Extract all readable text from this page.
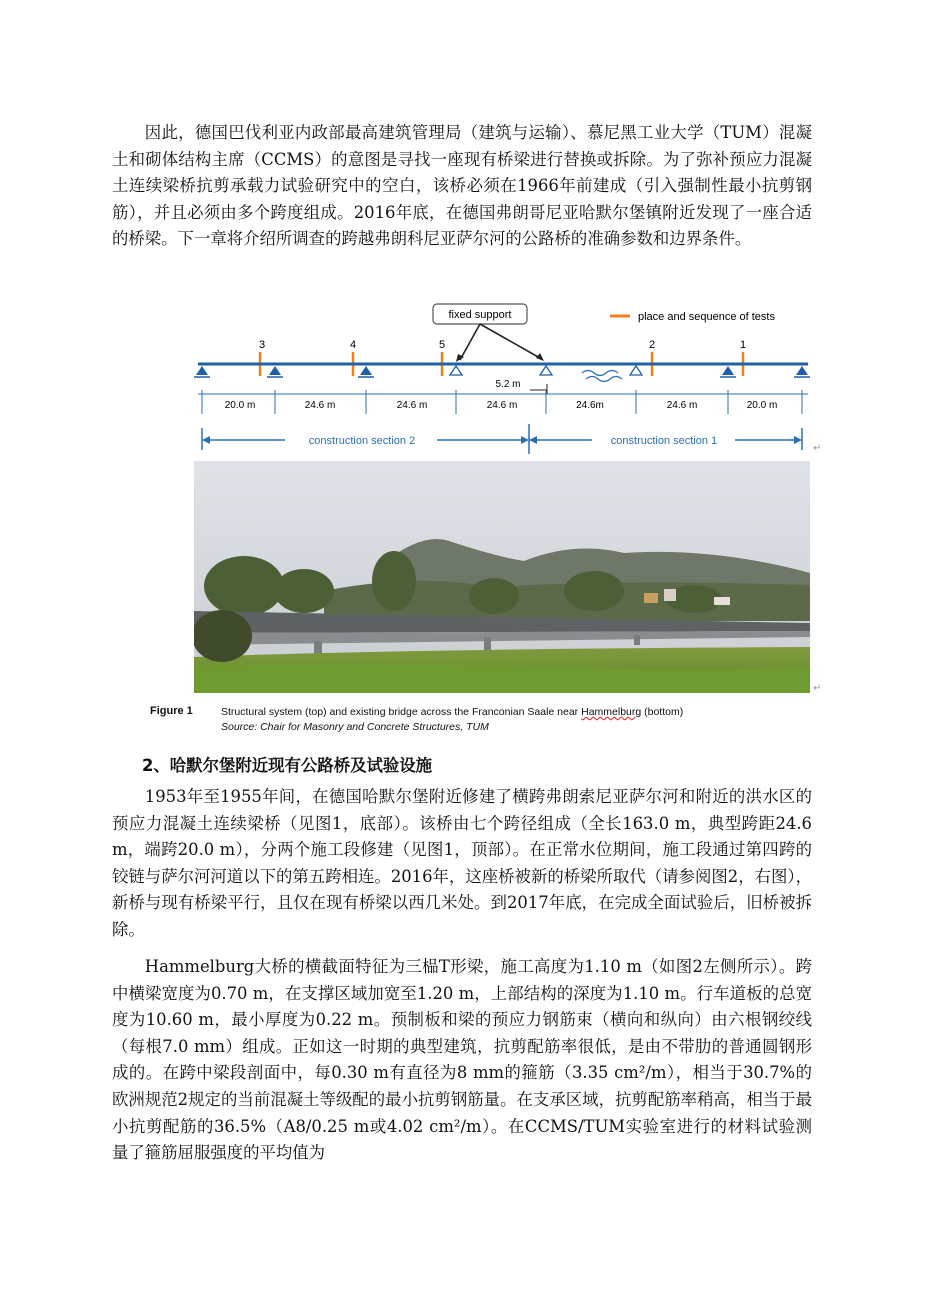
因此，德国巴伐利亚内政部最高建筑管理局（建筑与运输）、慕尼黑工业大学（TUM）混凝土和砌体结构主席（CCMS）的意图是寻找一座现有桥梁进行替换或拆除。为了弥补预应力混凝土连续梁桥抗剪承载力试验研究中的空白，该桥必须在1966年前建成（引入强制性最小抗剪钢筋），并且必须由多个跨度组成。2016年底，在德国弗朗哥尼亚哈默尔堡镇附近发现了一座合适的桥梁。下一章将介绍所调查的跨越弗朗科尼亚萨尔河的公路桥的准确参数和边界条件。

fixed support	place and sequence of tests
3	4	5	2	1
5.2 m
20.0 m	24.6 m	24.6 m	24.6 m	24.6m	24.6 m	20.0 m
construction section 2	construction section 1
↵
↵
Figure 1	Structural system (top) and existing bridge across the Franconian Saale near Hammelburg (bottom)
Source: Chair for Masonry and Concrete Structures, TUM
2、哈默尔堡附近现有公路桥及试验设施

1953年至1955年间，在德国哈默尔堡附近修建了横跨弗朗索尼亚萨尔河和附近的洪水区的预应力混凝土连续梁桥（见图1，底部）。该桥由七个跨径组成（全长163.0 m，典型跨距24.6 m，端跨20.0 m），分两个施工段修建（见图1，顶部）。在正常水位期间，施工段通过第四跨的铰链与萨尔河河道以下的第五跨相连。2016年，这座桥被新的桥梁所取代（请参阅图2，右图），新桥与现有桥梁平行，且仅在现有桥梁以西几米处。到2017年底，在完成全面试验后，旧桥被拆除。

Hammelburg大桥的横截面特征为三榀T形梁，施工高度为1.10 m（如图2左侧所示）。跨中横梁宽度为0.70 m，在支撑区域加宽至1.20 m，上部结构的深度为1.10 m。行车道板的总宽度为10.60 m，最小厚度为0.22 m。预制板和梁的预应力钢筋束（横向和纵向）由六根钢绞线（每根7.0 mm）组成。正如这一时期的典型建筑，抗剪配筋率很低，是由不带肋的普通圆钢形成的。在跨中梁段剖面中，每0.30 m有直径为8 mm的箍筋（3.35 cm²/m），相当于30.7%的欧洲规范2规定的当前混凝土等级配的最小抗剪钢筋量。在支承区域，抗剪配筋率稍高，相当于最小抗剪配筋的36.5%（A8/0.25 m或4.02 cm²/m）。在CCMS/TUM实验室进行的材料试验测量了箍筋屈服强度的平均值为
